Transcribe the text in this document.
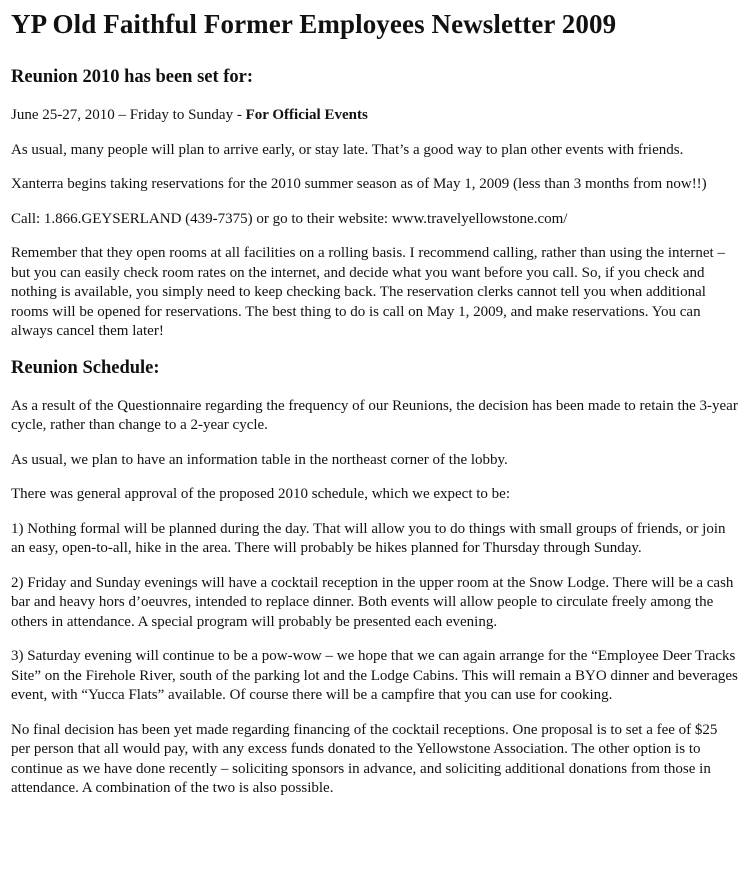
YP Old Faithful Former Employees Newsletter 2009
Reunion 2010 has been set for:

June 25-27, 2010 – Friday to Sunday - For Official Events

As usual, many people will plan to arrive early, or stay late. That’s a good way to plan other events with friends.

Xanterra begins taking reservations for the 2010 summer season as of May 1, 2009 (less than 3 months from now!!)

Call: 1.866.GEYSERLAND (439-7375) or go to their website: www.travelyellowstone.com/

Remember that they open rooms at all facilities on a rolling basis. I recommend calling, rather than using the internet – but you can easily check room rates on the internet, and decide what you want before you call. So, if you check and nothing is available, you simply need to keep checking back. The reservation clerks cannot tell you when additional rooms will be opened for reservations. The best thing to do is call on May 1, 2009, and make reservations. You can always cancel them later!

Reunion Schedule:

As a result of the Questionnaire regarding the frequency of our Reunions, the decision has been made to retain the 3-year cycle, rather than change to a 2-year cycle.

As usual, we plan to have an information table in the northeast corner of the lobby.

There was general approval of the proposed 2010 schedule, which we expect to be:

1) Nothing formal will be planned during the day. That will allow you to do things with small groups of friends, or join an easy, open-to-all, hike in the area. There will probably be hikes planned for Thursday through Sunday.

2) Friday and Sunday evenings will have a cocktail reception in the upper room at the Snow Lodge. There will be a cash bar and heavy hors d’oeuvres, intended to replace dinner. Both events will allow people to circulate freely among the others in attendance. A special program will probably be presented each evening.

3) Saturday evening will continue to be a pow-wow – we hope that we can again arrange for the “Employee Deer Tracks Site” on the Firehole River, south of the parking lot and the Lodge Cabins. This will remain a BYO dinner and beverages event, with “Yucca Flats” available. Of course there will be a campfire that you can use for cooking.

No final decision has been yet made regarding financing of the cocktail receptions. One proposal is to set a fee of $25 per person that all would pay, with any excess funds donated to the Yellowstone Association. The other option is to continue as we have done recently – soliciting sponsors in advance, and soliciting additional donations from those in attendance. A combination of the two is also possible.
